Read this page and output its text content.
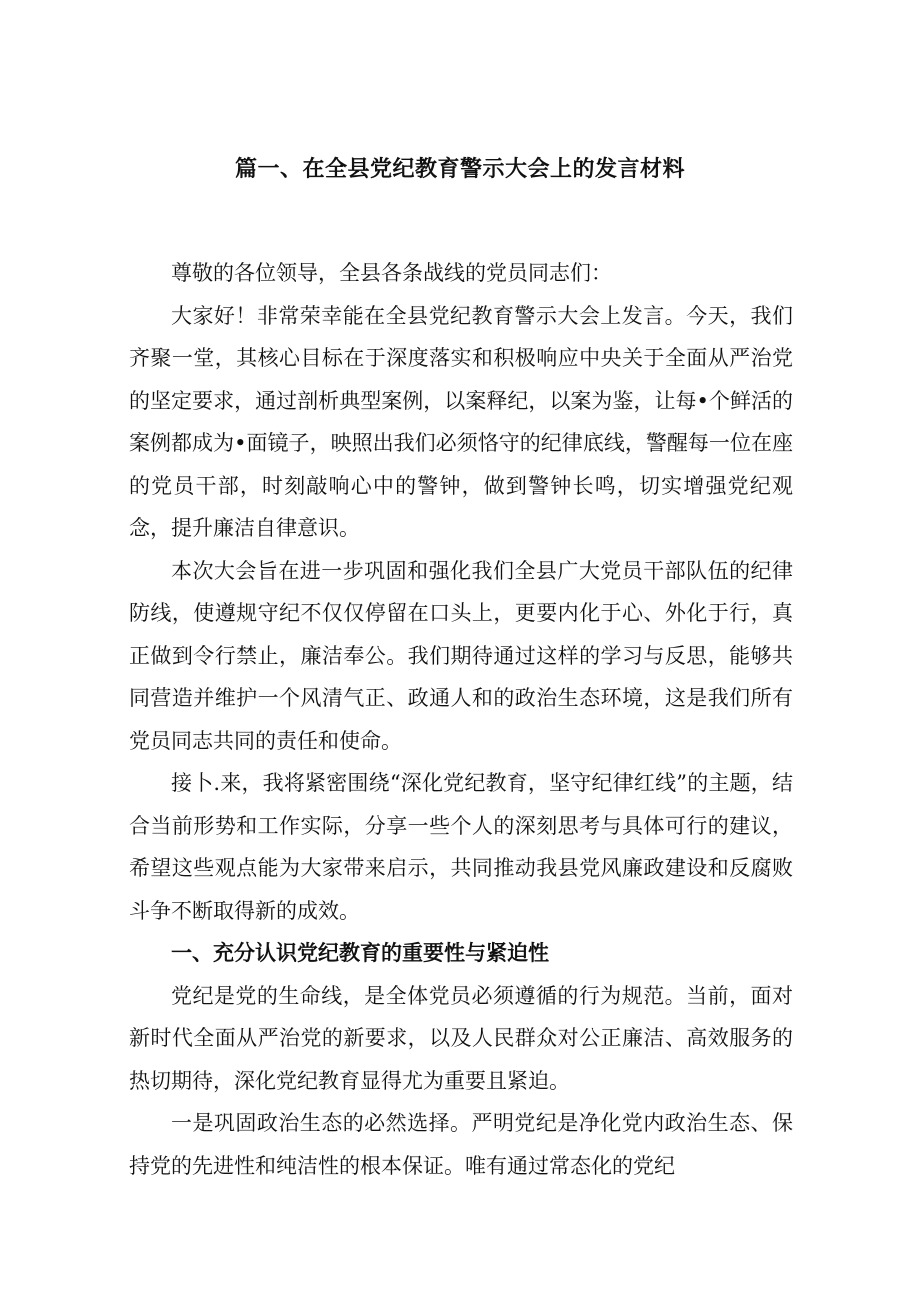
篇一、在全县党纪教育警示大会上的发言材料

尊敬的各位领导，全县各条战线的党员同志们：

大家好！非常荣幸能在全县党纪教育警示大会上发言。今天，我们齐聚一堂，其核心目标在于深度落实和积极响应中央关于全面从严治党的坚定要求，通过剖析典型案例，以案释纪，以案为鉴，让每•个鲜活的案例都成为•面镜子，映照出我们必须恪守的纪律底线，警醒每一位在座的党员干部，时刻敲响心中的警钟，做到警钟长鸣，切实增强党纪观念，提升廉洁自律意识。

本次大会旨在进一步巩固和强化我们全县广大党员干部队伍的纪律防线，使遵规守纪不仅仅停留在口头上，更要内化于心、外化于行，真正做到令行禁止，廉洁奉公。我们期待通过这样的学习与反思，能够共同营造并维护一个风清气正、政通人和的政治生态环境，这是我们所有党员同志共同的责任和使命。

接卜.来，我将紧密围绕“深化党纪教育，坚守纪律红线”的主题，结合当前形势和工作实际，分享一些个人的深刻思考与具体可行的建议，希望这些观点能为大家带来启示，共同推动我县党风廉政建设和反腐败斗争不断取得新的成效。

一、充分认识党纪教育的重要性与紧迫性

党纪是党的生命线，是全体党员必须遵循的行为规范。当前，面对新时代全面从严治党的新要求，以及人民群众对公正廉洁、高效服务的热切期待，深化党纪教育显得尤为重要且紧迫。

一是巩固政治生态的必然选择。严明党纪是净化党内政治生态、保持党的先进性和纯洁性的根本保证。唯有通过常态化的党纪
